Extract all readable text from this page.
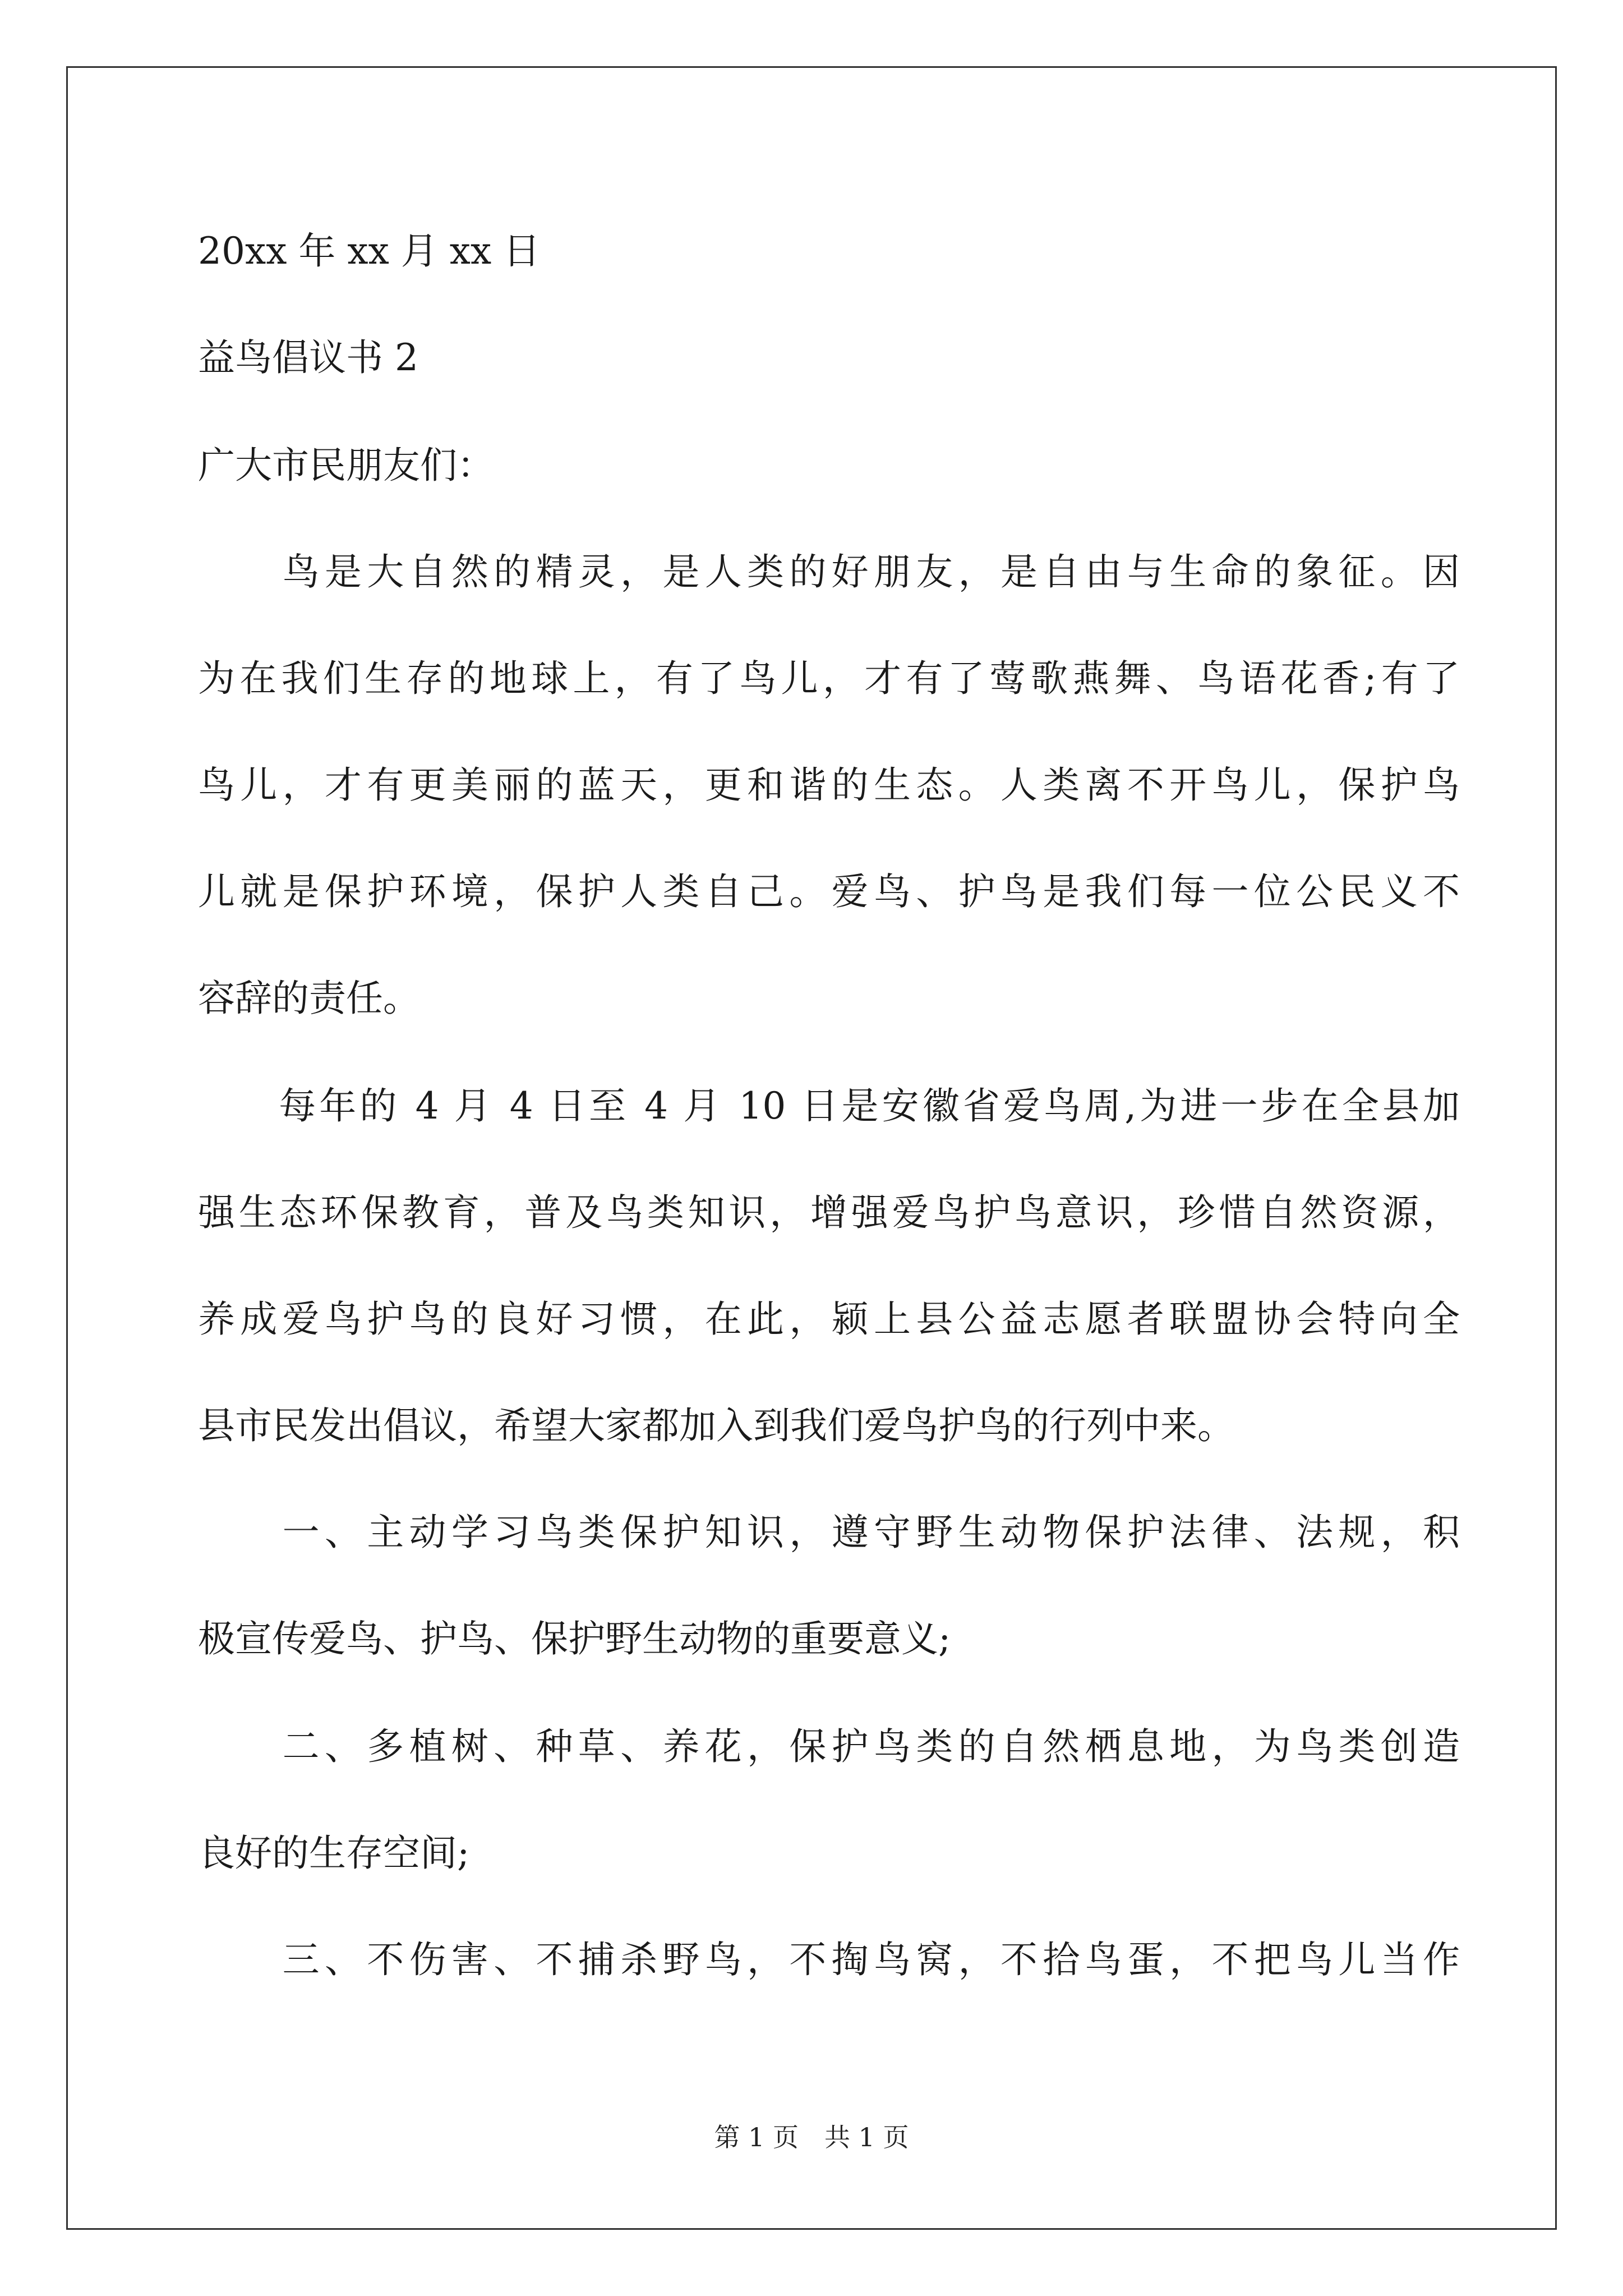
20xx 年 xx 月 xx 日
益鸟倡议书 2
广大市民朋友们：
　　鸟是大自然的精灵，是人类的好朋友，是自由与生命的象征。因
为在我们生存的地球上，有了鸟儿，才有了莺歌燕舞、鸟语花香;有了
鸟儿，才有更美丽的蓝天，更和谐的生态。人类离不开鸟儿，保护鸟
儿就是保护环境，保护人类自己。爱鸟、护鸟是我们每一位公民义不
容辞的责任。
　　每年的 4 月 4 日至 4 月 10 日是安徽省爱鸟周,为进一步在全县加
强生态环保教育，普及鸟类知识，增强爱鸟护鸟意识，珍惜自然资源，
养成爱鸟护鸟的良好习惯，在此，颍上县公益志愿者联盟协会特向全
县市民发出倡议，希望大家都加入到我们爱鸟护鸟的行列中来。
　　一、主动学习鸟类保护知识，遵守野生动物保护法律、法规，积
极宣传爱鸟、护鸟、保护野生动物的重要意义;
　　二、多植树、种草、养花，保护鸟类的自然栖息地，为鸟类创造
良好的生存空间;
　　三、不伤害、不捕杀野鸟，不掏鸟窝，不拾鸟蛋，不把鸟儿当作
第 1 页　共 1 页
